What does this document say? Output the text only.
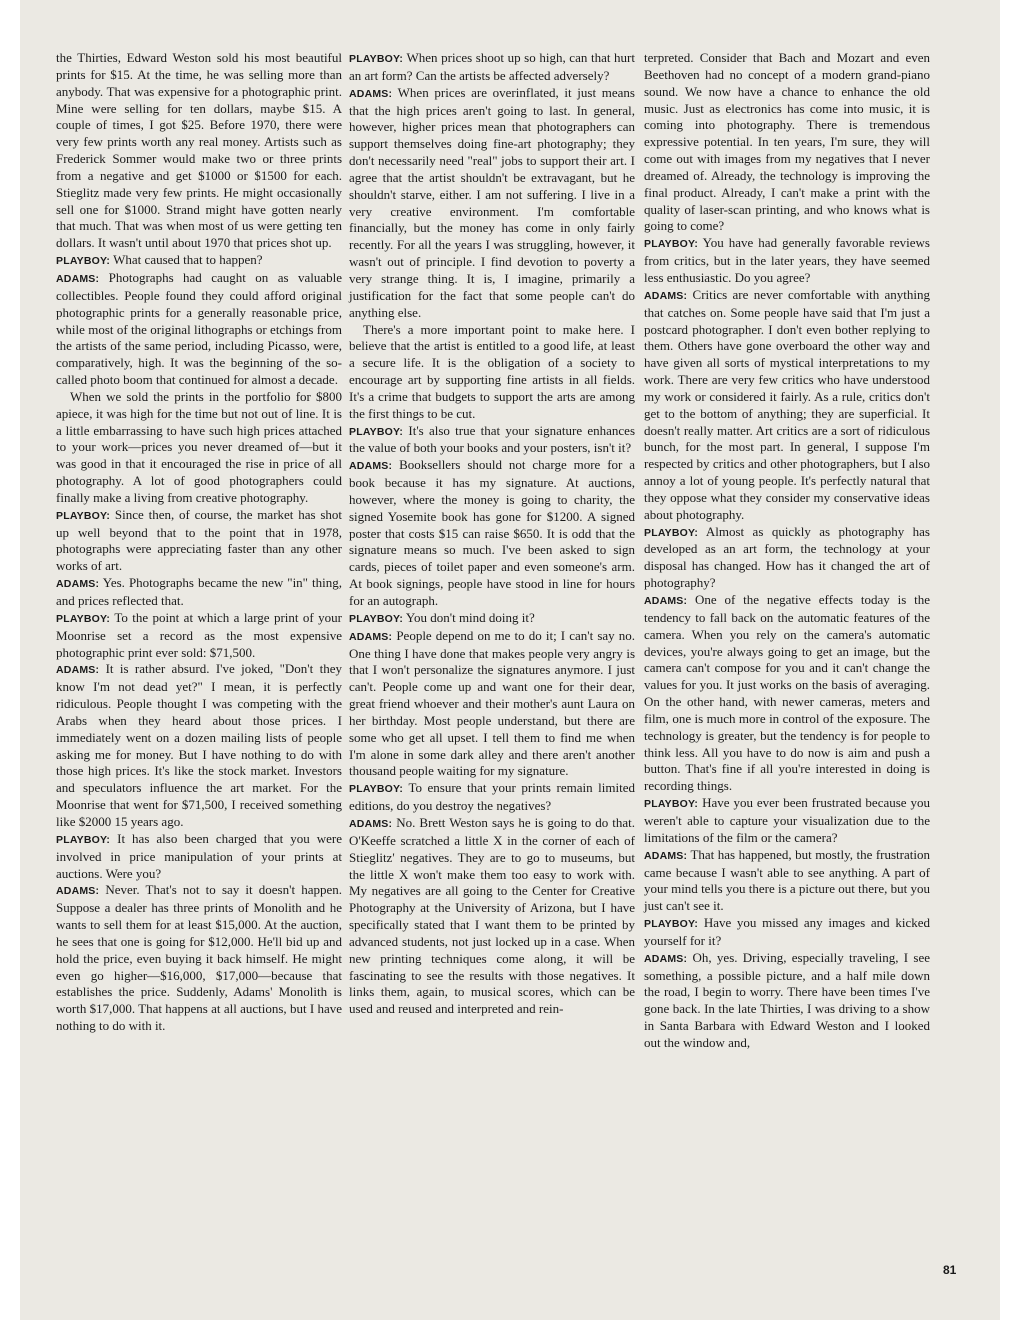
the Thirties, Edward Weston sold his most beautiful prints for $15. At the time, he was selling more than anybody. That was expensive for a photographic print. Mine were selling for ten dollars, maybe $15. A couple of times, I got $25. Before 1970, there were very few prints worth any real money. Artists such as Frederick Sommer would make two or three prints from a negative and get $1000 or $1500 for each. Stieglitz made very few prints. He might occasionally sell one for $1000. Strand might have gotten nearly that much. That was when most of us were getting ten dollars. It wasn't until about 1970 that prices shot up.

PLAYBOY: What caused that to happen?

ADAMS: Photographs had caught on as valuable collectibles. People found they could afford original photographic prints for a generally reasonable price, while most of the original lithographs or etchings from the artists of the same period, including Picasso, were, comparatively, high. It was the beginning of the so-called photo boom that continued for almost a decade.

When we sold the prints in the portfolio for $800 apiece, it was high for the time but not out of line. It is a little embarrassing to have such high prices attached to your work—prices you never dreamed of—but it was good in that it encouraged the rise in price of all photography. A lot of good photographers could finally make a living from creative photography.

PLAYBOY: Since then, of course, the market has shot up well beyond that to the point that in 1978, photographs were appreciating faster than any other works of art.

ADAMS: Yes. Photographs became the new "in" thing, and prices reflected that.

PLAYBOY: To the point at which a large print of your Moonrise set a record as the most expensive photographic print ever sold: $71,500.

ADAMS: It is rather absurd. I've joked, "Don't they know I'm not dead yet?" I mean, it is perfectly ridiculous. People thought I was competing with the Arabs when they heard about those prices. I immediately went on a dozen mailing lists of people asking me for money. But I have nothing to do with those high prices. It's like the stock market. Investors and speculators influence the art market. For the Moonrise that went for $71,500, I received something like $2000 15 years ago.

PLAYBOY: It has also been charged that you were involved in price manipulation of your prints at auctions. Were you?

ADAMS: Never. That's not to say it doesn't happen. Suppose a dealer has three prints of Monolith and he wants to sell them for at least $15,000. At the auction, he sees that one is going for $12,000. He'll bid up and hold the price, even buying it back himself. He might even go higher—$16,000, $17,000—because that establishes the price. Suddenly, Adams' Monolith is worth $17,000. That happens at all auctions, but I have nothing to do with it.

PLAYBOY: When prices shoot up so high, can that hurt an art form? Can the artists be affected adversely?

ADAMS: When prices are overinflated, it just means that the high prices aren't going to last. In general, however, higher prices mean that photographers can support themselves doing fine-art photography; they don't necessarily need "real" jobs to support their art. I agree that the artist shouldn't be extravagant, but he shouldn't starve, either. I am not suffering. I live in a very creative environment. I'm comfortable financially, but the money has come in only fairly recently. For all the years I was struggling, however, it wasn't out of principle. I find devotion to poverty a very strange thing. It is, I imagine, primarily a justification for the fact that some people can't do anything else.

There's a more important point to make here. I believe that the artist is entitled to a good life, at least a secure life. It is the obligation of a society to encourage art by supporting fine artists in all fields. It's a crime that budgets to support the arts are among the first things to be cut.

PLAYBOY: It's also true that your signature enhances the value of both your books and your posters, isn't it?

ADAMS: Booksellers should not charge more for a book because it has my signature. At auctions, however, where the money is going to charity, the signed Yosemite book has gone for $1200. A signed poster that costs $15 can raise $650. It is odd that the signature means so much. I've been asked to sign cards, pieces of toilet paper and even someone's arm. At book signings, people have stood in line for hours for an autograph.

PLAYBOY: You don't mind doing it?

ADAMS: People depend on me to do it; I can't say no. One thing I have done that makes people very angry is that I won't personalize the signatures anymore. I just can't. People come up and want one for their dear, great friend whoever and their mother's aunt Laura on her birthday. Most people understand, but there are some who get all upset. I tell them to find me when I'm alone in some dark alley and there aren't another thousand people waiting for my signature.

PLAYBOY: To ensure that your prints remain limited editions, do you destroy the negatives?

ADAMS: No. Brett Weston says he is going to do that. O'Keeffe scratched a little X in the corner of each of Stieglitz' negatives. They are to go to museums, but the little X won't make them too easy to work with. My negatives are all going to the Center for Creative Photography at the University of Arizona, but I have specifically stated that I want them to be printed by advanced students, not just locked up in a case. When new printing techniques come along, it will be fascinating to see the results with those negatives. It links them, again, to musical scores, which can be used and reused and interpreted and rein-

terpreted. Consider that Bach and Mozart and even Beethoven had no concept of a modern grand-piano sound. We now have a chance to enhance the old music. Just as electronics has come into music, it is coming into photography. There is tremendous expressive potential. In ten years, I'm sure, they will come out with images from my negatives that I never dreamed of. Already, the technology is improving the final product. Already, I can't make a print with the quality of laser-scan printing, and who knows what is going to come?

PLAYBOY: You have had generally favorable reviews from critics, but in the later years, they have seemed less enthusiastic. Do you agree?

ADAMS: Critics are never comfortable with anything that catches on. Some people have said that I'm just a postcard photographer. I don't even bother replying to them. Others have gone overboard the other way and have given all sorts of mystical interpretations to my work. There are very few critics who have understood my work or considered it fairly. As a rule, critics don't get to the bottom of anything; they are superficial. It doesn't really matter. Art critics are a sort of ridiculous bunch, for the most part. In general, I suppose I'm respected by critics and other photographers, but I also annoy a lot of young people. It's perfectly natural that they oppose what they consider my conservative ideas about photography.

PLAYBOY: Almost as quickly as photography has developed as an art form, the technology at your disposal has changed. How has it changed the art of photography?

ADAMS: One of the negative effects today is the tendency to fall back on the automatic features of the camera. When you rely on the camera's automatic devices, you're always going to get an image, but the camera can't compose for you and it can't change the values for you. It just works on the basis of averaging. On the other hand, with newer cameras, meters and film, one is much more in control of the exposure. The technology is greater, but the tendency is for people to think less. All you have to do now is aim and push a button. That's fine if all you're interested in doing is recording things.

PLAYBOY: Have you ever been frustrated because you weren't able to capture your visualization due to the limitations of the film or the camera?

ADAMS: That has happened, but mostly, the frustration came because I wasn't able to see anything. A part of your mind tells you there is a picture out there, but you just can't see it.

PLAYBOY: Have you missed any images and kicked yourself for it?

ADAMS: Oh, yes. Driving, especially traveling, I see something, a possible picture, and a half mile down the road, I begin to worry. There have been times I've gone back. In the late Thirties, I was driving to a show in Santa Barbara with Edward Weston and I looked out the window and,

81
